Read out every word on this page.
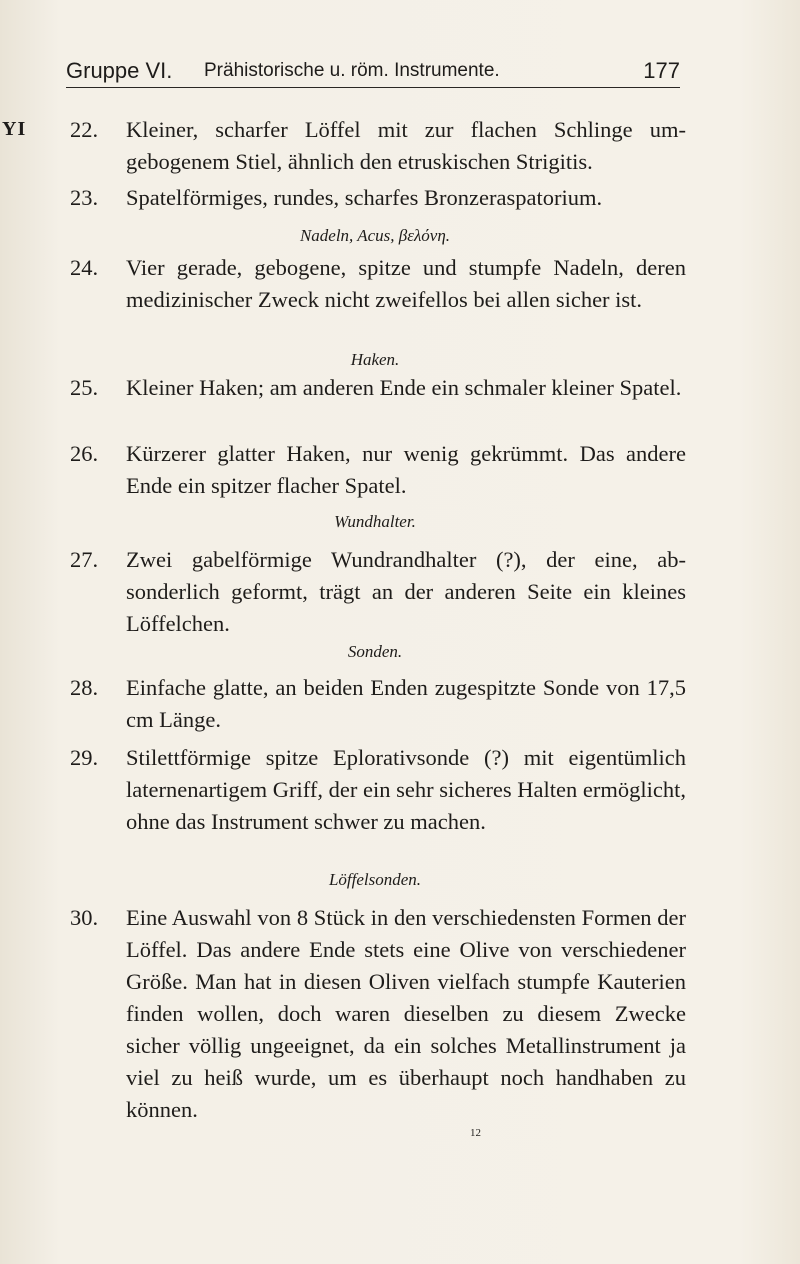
Gruppe VI. Prähistorische u. röm. Instrumente.	177
YI 22.	Kleiner, scharfer Löffel mit zur flachen Schlinge umgebogenem Stiel, ähnlich den etruskischen Strigitis.
23.	Spatelförmiges, rundes, scharfes Bronzeraspatorium.
Nadeln, Acus, βελόνη.
24.	Vier gerade, gebogene, spitze und stumpfe Nadeln, deren medizinischer Zweck nicht zweifellos bei allen sicher ist.
Haken.
25.	Kleiner Haken; am anderen Ende ein schmaler kleiner Spatel.
26.	Kürzerer glatter Haken, nur wenig gekrümmt. Das andere Ende ein spitzer flacher Spatel.
Wundhalter.
27.	Zwei gabelförmige Wundrandhalter (?), der eine, absonderlich geformt, trägt an der anderen Seite ein kleines Löffelchen.
Sonden.
28.	Einfache glatte, an beiden Enden zugespitzte Sonde von 17,5 cm Länge.
29.	Stilettförmige spitze Eplorativsonde (?) mit eigentümlich laternenartigem Griff, der ein sehr sicheres Halten ermöglicht, ohne das Instrument schwer zu machen.
Löffelsonden.
30.	Eine Auswahl von 8 Stück in den verschiedensten Formen der Löffel. Das andere Ende stets eine Olive von verschiedener Größe. Man hat in diesen Oliven vielfach stumpfe Kauterien finden wollen, doch waren dieselben zu diesem Zwecke sicher völlig ungeeignet, da ein solches Metallinstrument ja viel zu heiß wurde, um es überhaupt noch handhaben zu können.
12
